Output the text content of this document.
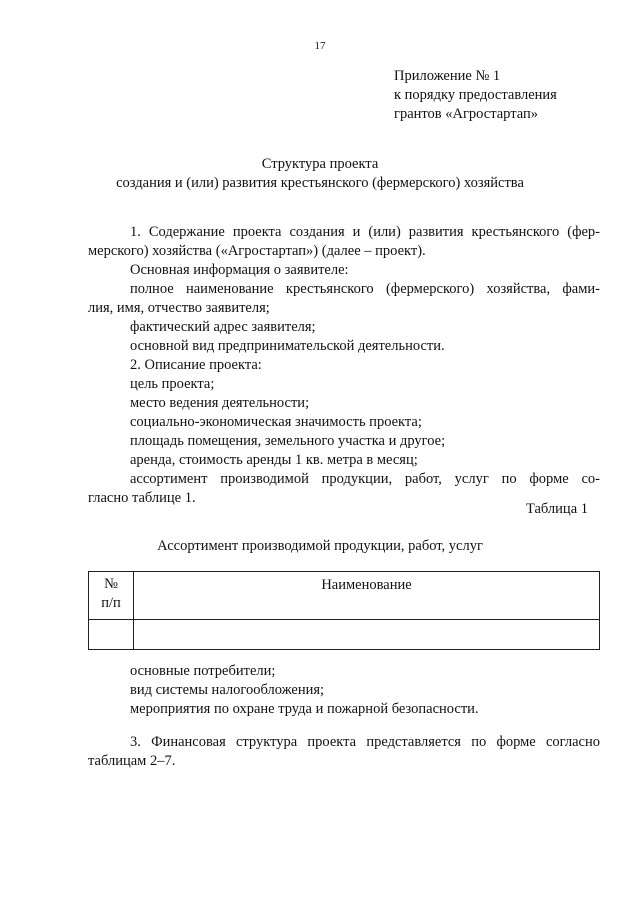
17
Приложение № 1
к порядку предоставления
грантов «Агростартап»
Структура проекта
создания и (или) развития крестьянского (фермерского) хозяйства

1. Содержание проекта создания и (или) развития крестьянского (фер-

мерского) хозяйства («Агростартап») (далее – проект).

Основная информация о заявителе:

полное наименование крестьянского (фермерского) хозяйства, фами-

лия, имя, отчество заявителя;

фактический адрес заявителя;

основной вид предпринимательской деятельности.

2. Описание проекта:

цель проекта;

место ведения деятельности;

социально-экономическая значимость проекта;

площадь помещения, земельного участка и другое;

аренда, стоимость аренды 1 кв. метра в месяц;

ассортимент производимой продукции, работ, услуг по форме со-

гласно таблице 1.

Таблица 1
Ассортимент производимой продукции, работ, услуг
№
п/п	Наименование

основные потребители;

вид системы налогообложения;

мероприятия по охране труда и пожарной безопасности.

3. Финансовая структура проекта представляется по форме согласно

таблицам 2–7.
